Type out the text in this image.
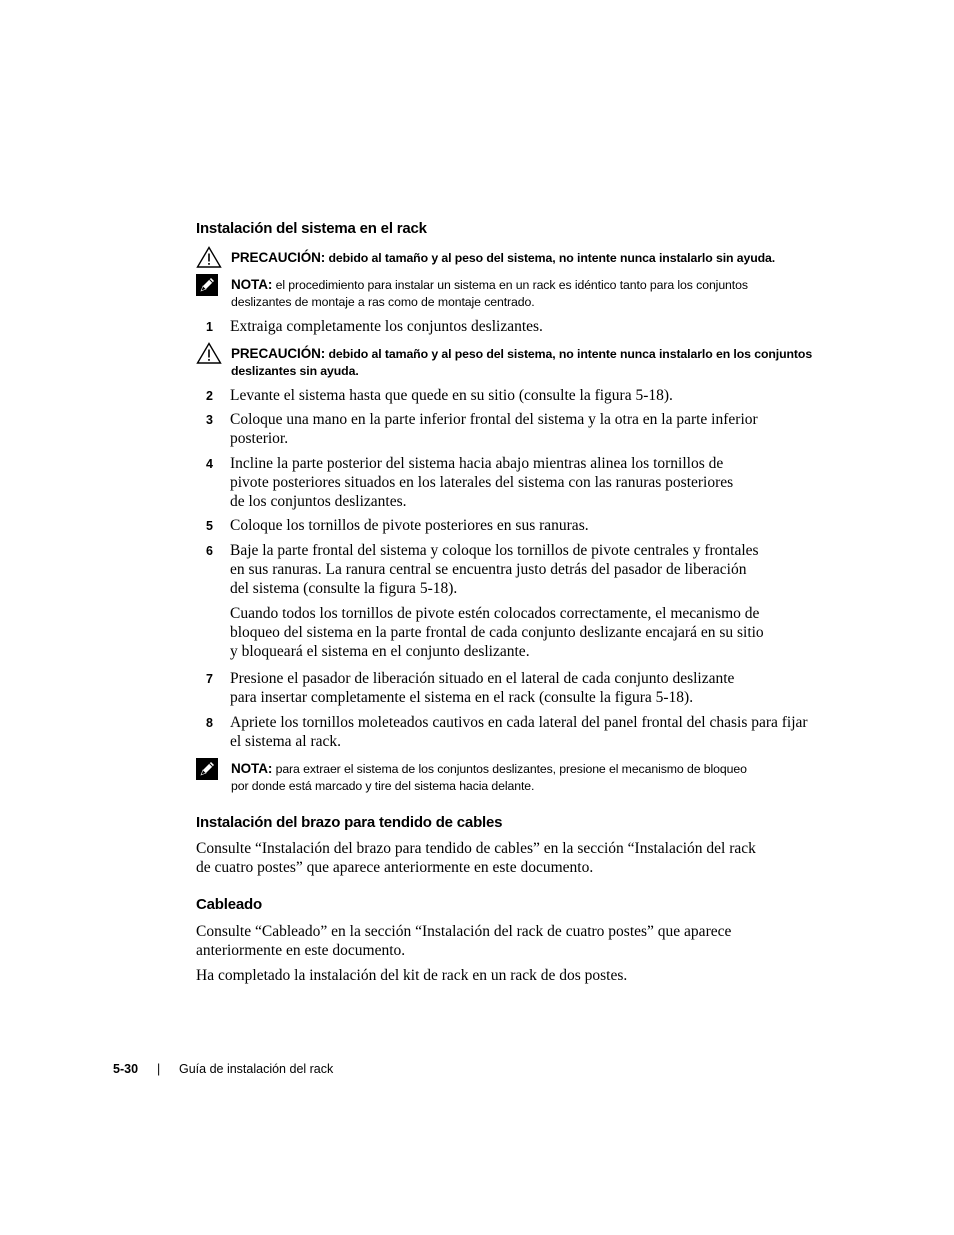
Instalación del sistema en el rack
PRECAUCIÓN: debido al tamaño y al peso del sistema, no intente nunca instalarlo sin ayuda.
NOTA: el procedimiento para instalar un sistema en un rack es idéntico tanto para los conjuntos
deslizantes de montaje a ras como de montaje centrado.
1 Extraiga completamente los conjuntos deslizantes.
PRECAUCIÓN: debido al tamaño y al peso del sistema, no intente nunca instalarlo en los conjuntos
deslizantes sin ayuda.
2 Levante el sistema hasta que quede en su sitio (consulte la figura 5-18).
3 Coloque una mano en la parte inferior frontal del sistema y la otra en la parte inferior
posterior.
4 Incline la parte posterior del sistema hacia abajo mientras alinea los tornillos de
pivote posteriores situados en los laterales del sistema con las ranuras posteriores
de los conjuntos deslizantes.
5 Coloque los tornillos de pivote posteriores en sus ranuras.
6 Baje la parte frontal del sistema y coloque los tornillos de pivote centrales y frontales
en sus ranuras. La ranura central se encuentra justo detrás del pasador de liberación
del sistema (consulte la figura 5-18).
Cuando todos los tornillos de pivote estén colocados correctamente, el mecanismo de
bloqueo del sistema en la parte frontal de cada conjunto deslizante encajará en su sitio
y bloqueará el sistema en el conjunto deslizante.
7 Presione el pasador de liberación situado en el lateral de cada conjunto deslizante
para insertar completamente el sistema en el rack (consulte la figura 5-18).
8 Apriete los tornillos moleteados cautivos en cada lateral del panel frontal del chasis para fijar
el sistema al rack.
NOTA: para extraer el sistema de los conjuntos deslizantes, presione el mecanismo de bloqueo
por donde está marcado y tire del sistema hacia delante.
Instalación del brazo para tendido de cables
Consulte “Instalación del brazo para tendido de cables” en la sección “Instalación del rack
de cuatro postes” que aparece anteriormente en este documento.
Cableado
Consulte “Cableado” en la sección “Instalación del rack de cuatro postes” que aparece
anteriormente en este documento.
Ha completado la instalación del kit de rack en un rack de dos postes.
5-30 | Guía de instalación del rack
